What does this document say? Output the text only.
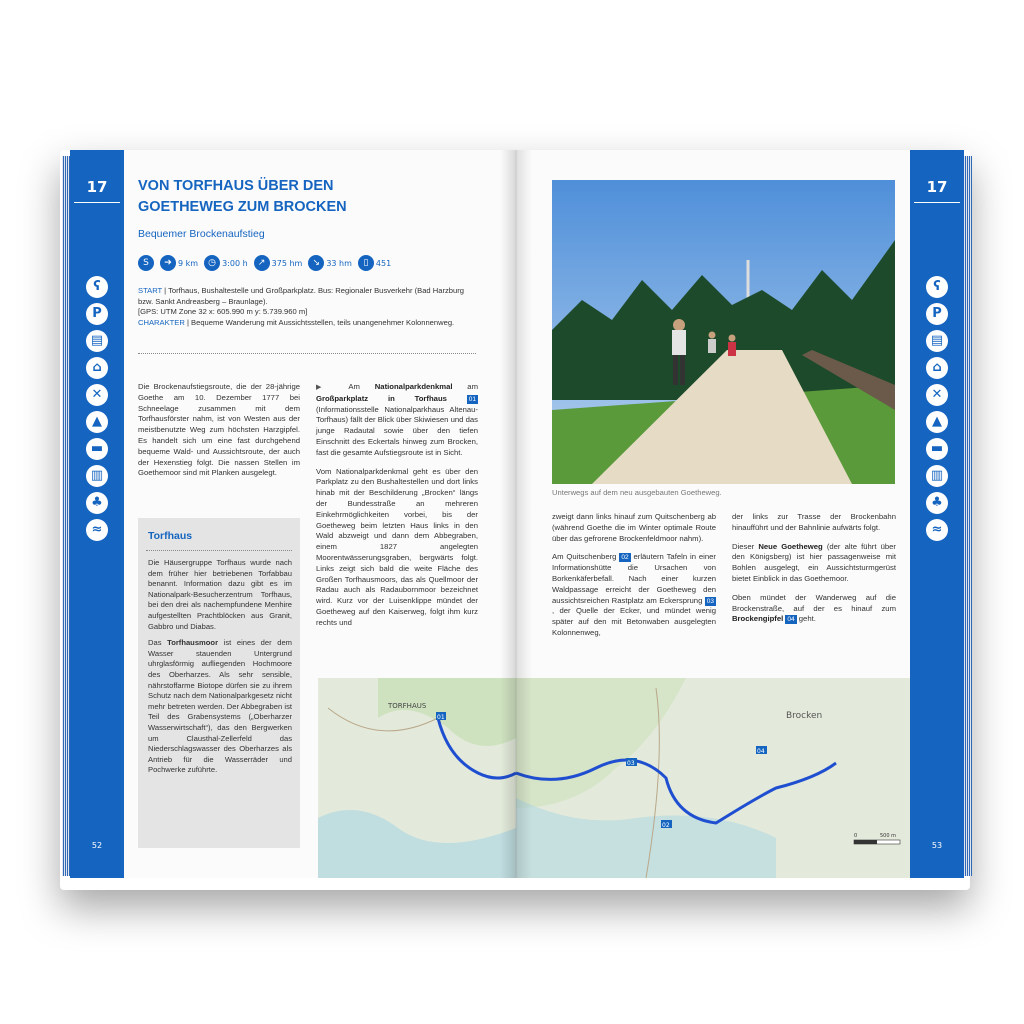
17
ʕ
P
▤
⌂
✕
▲
▬
▥
♣
≈
52
VON TORFHAUS ÜBER DEN
GOETHEWEG ZUM BROCKEN
Bequemer Brockenaufstieg
S	➔ 9 km	◷ 3:00 h	↗ 375 hm	↘ 33 hm	▯ 451
START | Torfhaus, Bushaltestelle und Großparkplatz. Bus: Regionaler Busverkehr (Bad Harzburg bzw. Sankt Andreasberg – Braunlage).
[GPS: UTM Zone 32 x: 605.990 m y: 5.739.960 m]
CHARAKTER | Bequeme Wanderung mit Aussichtsstellen, teils unangenehmer Kolonnenweg.

Die Brockenaufstiegsroute, die der 28-jährige Goethe am 10. Dezember 1777 bei Schneelage zusammen mit dem Torfhausförster nahm, ist von Westen aus der meistbenutzte Weg zum höchsten Harzgipfel. Es handelt sich um eine fast durchgehend bequeme Wald- und Aussichtsroute, der auch der Hexenstieg folgt. Die nassen Stellen im Goethemoor sind mit Planken ausgelegt.

▶ Am Nationalparkdenkmal am Großparkplatz in Torfhaus	01 (Informationsstelle Nationalparkhaus Altenau-Torfhaus) fällt der Blick über Skiwiesen und das junge Radautal sowie über den tiefen Einschnitt des Eckertals hinweg zum Brocken, fast die gesamte Aufstiegsroute ist in Sicht.

Vom Nationalparkdenkmal geht es über den Parkplatz zu den Bushaltestellen und dort links hinab mit der Beschilderung „Brocken“ längs der Bundesstraße an mehreren Einkehrmöglichkeiten vorbei, bis der Goetheweg beim letzten Haus links in den Wald abzweigt und dann dem Abbegraben, einem 1827 angelegten Moorentwässerungsgraben, bergwärts folgt. Links zeigt sich bald die weite Fläche des Großen Torfhausmoors, das als Quellmoor der Radau auch als Radaubornmoor bezeichnet wird. Kurz vor der Luisenklippe mündet der Goetheweg auf den Kaiserweg, folgt ihm kurz rechts und

Torfhaus

Die Häusergruppe Torfhaus wurde nach dem früher hier betriebenen Torfabbau benannt. Information dazu gibt es im Nationalpark-Besucherzentrum Torfhaus, bei den drei als nachempfundene Menhire aufgestellten Prachtblöcken aus Granit, Gabbro und Diabas.

Das Torfhausmoor ist eines der dem Wasser stauenden Untergrund uhrglasförmig aufliegenden Hochmoore des Oberharzes. Als sehr sensible, nährstoffarme Biotope dürfen sie zu ihrem Schutz nach dem Nationalparkgesetz nicht mehr betreten werden. Der Abbegraben ist Teil des Grabensystems („Oberharzer Wasserwirtschaft“), das den Bergwerken um Clausthal-Zellerfeld das Niederschlagswasser des Oberharzes als Antrieb für die Wasserräder und Pochwerke zuführte.

TORFHAUS
01
17
ʕ
P
▤
⌂
✕
▲
▬
▥
♣
≈
53
Unterwegs auf dem neu ausgebauten Goetheweg.

zweigt dann links hinauf zum Quitschenberg ab (während Goethe die im Winter optimale Route über das gefrorene Brockenfeldmoor nahm).

Am Quitschenberg 02 erläutern Tafeln in einer Informationshütte die Ursachen von Borkenkäferbefall. Nach einer kurzen Waldpassage erreicht der Goetheweg den aussichtsreichen Rastplatz am Eckersprung 03, der Quelle der Ecker, und mündet wenig später auf den mit Betonwaben ausgelegten Kolonnenweg,

der links zur Trasse der Brockenbahn hinaufführt und der Bahnlinie aufwärts folgt.

Dieser Neue Goetheweg (der alte führt über den Königsberg) ist hier passagenweise mit Bohlen ausgelegt, ein Aussichtsturmgerüst bietet Einblick in das Goethemoor.

Oben mündet der Wanderweg auf die Brockenstraße, auf der es hinauf zum Brockengipfel 04 geht.

Brocken
02
03
04
0	500 m
